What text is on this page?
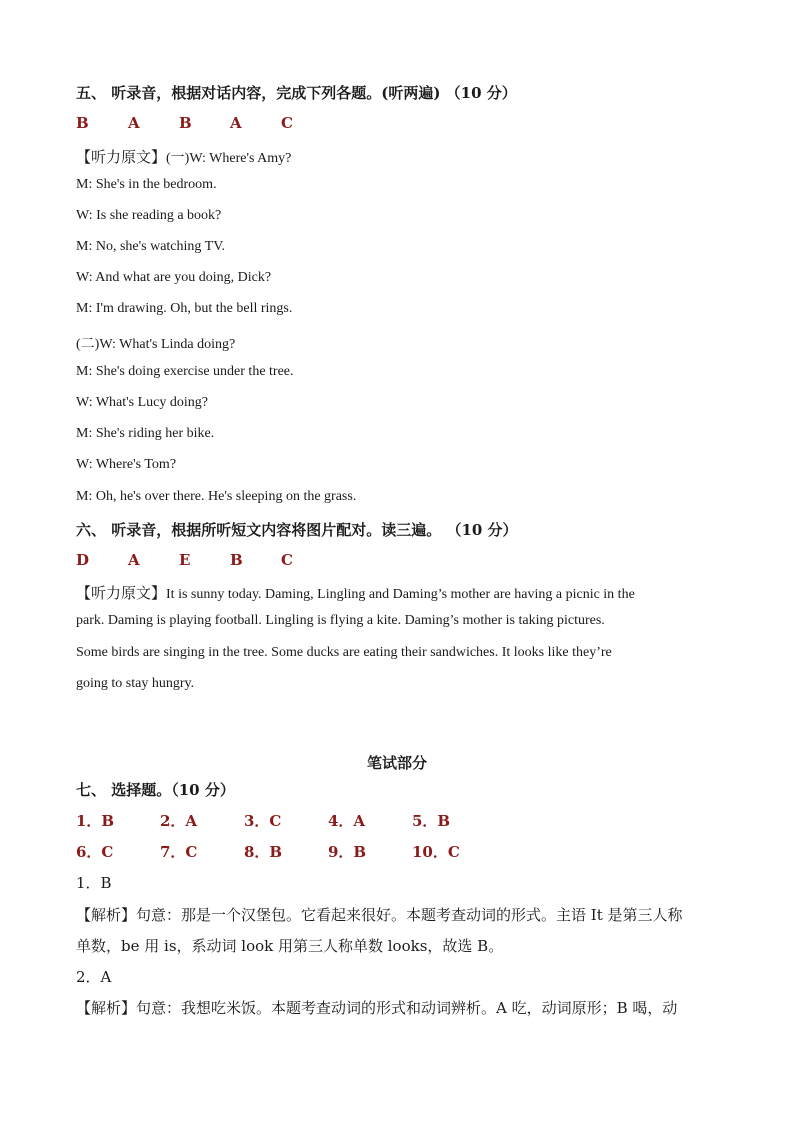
五、 听录音，根据对话内容，完成下列各题。(听两遍) （10 分）
B	A	B	A	C
【听力原文】(一)W: Where's Amy?
M: She's in the bedroom.
W: Is she reading a book?
M: No, she's watching TV.
W: And what are you doing, Dick?
M: I'm drawing. Oh, but the bell rings.
(二)W: What's Linda doing?
M: She's doing exercise under the tree.
W: What's Lucy doing?
M: She's riding her bike.
W: Where's Tom?
M: Oh, he's over there. He's sleeping on the grass.
六、 听录音，根据所听短文内容将图片配对。读三遍。 （10 分）
D	A	E	B	C
【听力原文】It is sunny today. Daming, Lingling and Daming’s mother are having a picnic in the
park. Daming is playing football. Lingling is flying a kite. Daming’s mother is taking pictures.
Some birds are singing in the tree. Some ducks are eating their sandwiches. It looks like they’re
going to stay hungry.
笔试部分
七、 选择题。（10 分）
1．B	2．A	3．C	4．A	5．B
6．C	7．C	8．B	9．B	10．C
1．B
【解析】句意：那是一个汉堡包。它看起来很好。本题考查动词的形式。主语 It 是第三人称
单数，be 用 is，系动词 look 用第三人称单数 looks，故选 B。
2．A
【解析】句意：我想吃米饭。本题考查动词的形式和动词辨析。A 吃，动词原形；B 喝，动
